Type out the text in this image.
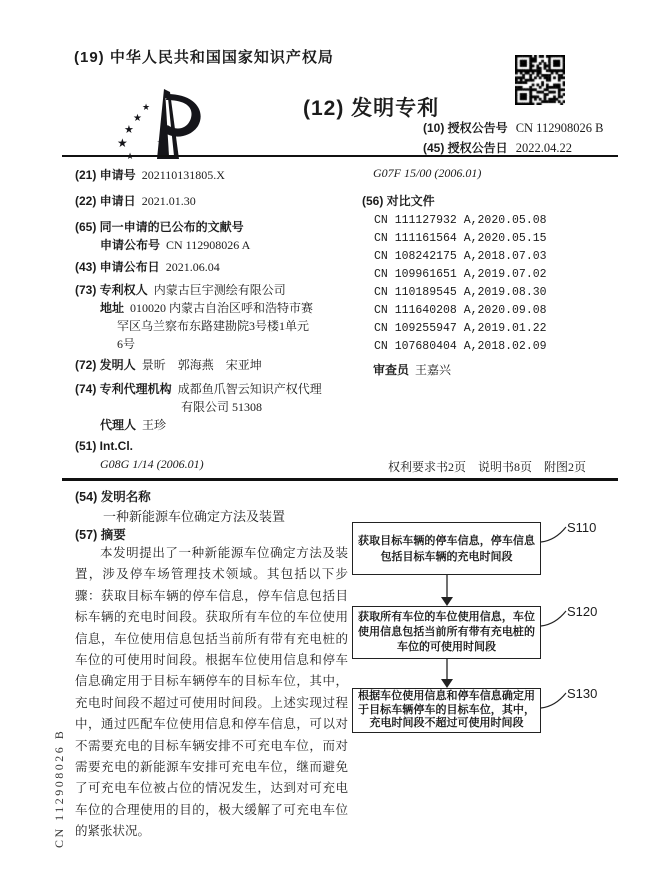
(19) 中华人民共和国国家知识产权局
★
★
★
★
(12) 发明专利
(10) 授权公告号 CN 112908026 B
(45) 授权公告日 2022.04.22
(21) 申请号 202110131805.X
(22) 申请日 2021.01.30
(65) 同一申请的已公布的文献号
申请公布号 CN 112908026 A
(43) 申请公布日 2021.06.04
(73) 专利权人 内蒙古巨宇测绘有限公司
地址 010020 内蒙古自治区呼和浩特市赛
罕区乌兰察布东路建勘院3号楼1单元
6号
(72) 发明人 景昕　郭海燕　宋亚坤
(74) 专利代理机构 成都鱼爪智云知识产权代理
有限公司 51308
代理人 王珍
(51) Int.Cl.
G08G 1/14 (2006.01)
G07F 15/00 (2006.01)
(56) 对比文件
CN 111127932 A,2020.05.08
CN 111161564 A,2020.05.15
CN 108242175 A,2018.07.03
CN 109961651 A,2019.07.02
CN 110189545 A,2019.08.30
CN 111640208 A,2020.09.08
CN 109255947 A,2019.01.22
CN 107680404 A,2018.02.09
审查员 王嘉兴
权利要求书2页　说明书8页　附图2页
(54) 发明名称
一种新能源车位确定方法及装置
(57) 摘要
本发明提出了一种新能源车位确定方法及装置，涉及停车场管理技术领域。其包括以下步骤：获取目标车辆的停车信息，停车信息包括目标车辆的充电时间段。获取所有车位的车位使用信息，车位使用信息包括当前所有带有充电桩的车位的可使用时间段。根据车位使用信息和停车信息确定用于目标车辆停车的目标车位，其中，充电时间段不超过可使用时间段。上述实现过程中，通过匹配车位使用信息和停车信息，可以对不需要充电的目标车辆安排不可充电车位，而对需要充电的新能源车安排可充电车位，继而避免了可充电车位被占位的情况发生，达到对可充电车位的合理使用的目的，极大缓解了可充电车位的紧张状况。
获取目标车辆的停车信息，停车信息包括目标车辆的充电时间段
获取所有车位的车位使用信息，车位使用信息包括当前所有带有充电桩的车位的可使用时间段
根据车位使用信息和停车信息确定用于目标车辆停车的目标车位，其中，充电时间段不超过可使用时间段
S110
S120
S130
CN 112908026 B
